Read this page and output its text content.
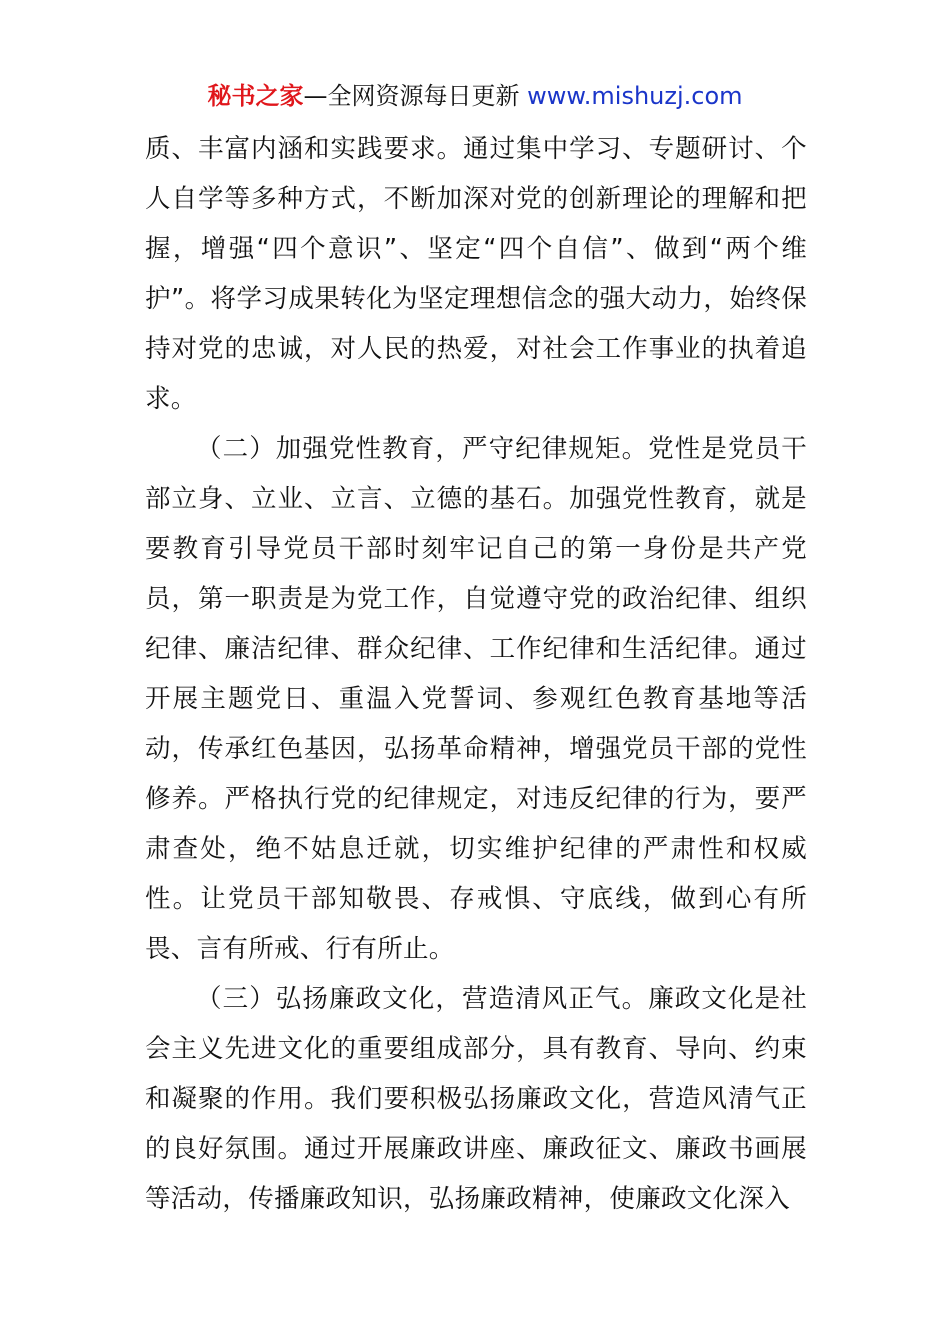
秘书之家—全网资源每日更新 www.mishuzj.com

质、丰富内涵和实践要求。通过集中学习、专题研讨、个人自学等多种方式，不断加深对党的创新理论的理解和把握，增强“四个意识”、坚定“四个自信”、做到“两个维护”。将学习成果转化为坚定理想信念的强大动力，始终保持对党的忠诚，对人民的热爱，对社会工作事业的执着追求。

（二）加强党性教育，严守纪律规矩。党性是党员干部立身、立业、立言、立德的基石。加强党性教育，就是要教育引导党员干部时刻牢记自己的第一身份是共产党员，第一职责是为党工作，自觉遵守党的政治纪律、组织纪律、廉洁纪律、群众纪律、工作纪律和生活纪律。通过开展主题党日、重温入党誓词、参观红色教育基地等活动，传承红色基因，弘扬革命精神，增强党员干部的党性修养。严格执行党的纪律规定，对违反纪律的行为，要严肃查处，绝不姑息迁就，切实维护纪律的严肃性和权威性。让党员干部知敬畏、存戒惧、守底线，做到心有所畏、言有所戒、行有所止。

（三）弘扬廉政文化，营造清风正气。廉政文化是社会主义先进文化的重要组成部分，具有教育、导向、约束和凝聚的作用。我们要积极弘扬廉政文化，营造风清气正的良好氛围。通过开展廉政讲座、廉政征文、廉政书画展等活动，传播廉政知识，弘扬廉政精神，使廉政文化深入
